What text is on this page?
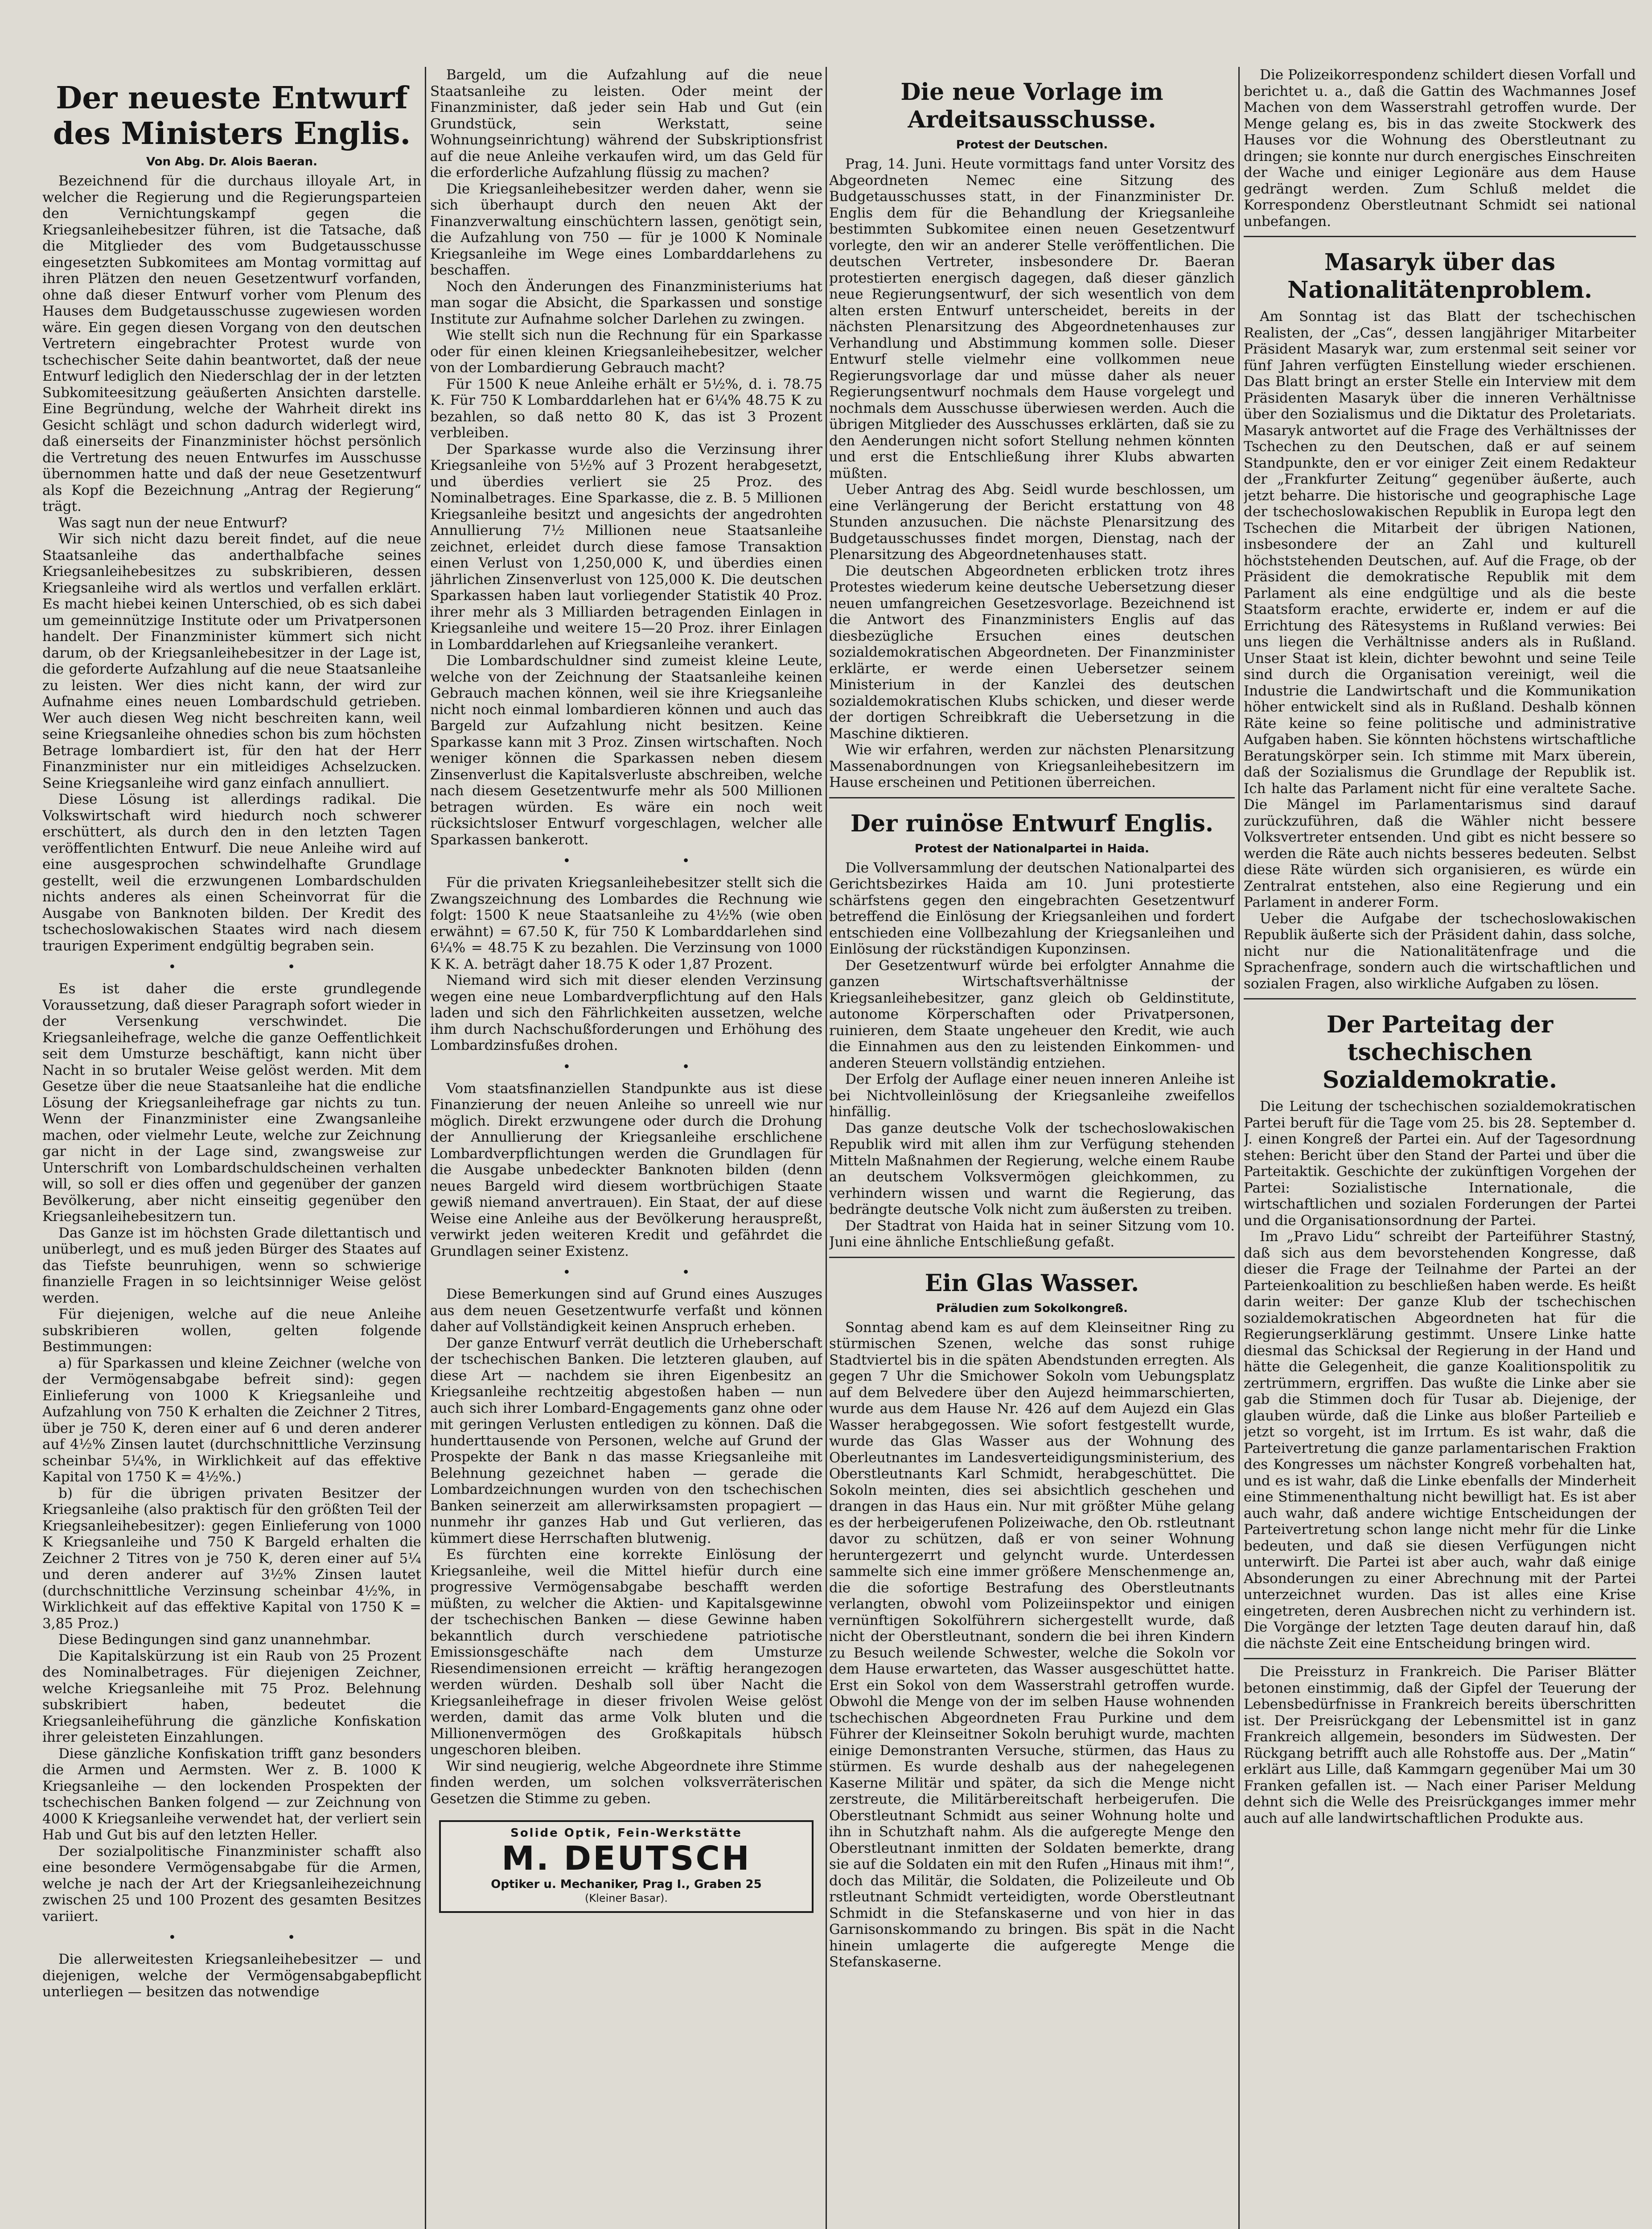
Der neueste Entwurf des Ministers Englis.
Von Abg. Dr. Alois Baeran.

Bezeichnend für die durchaus illoyale Art, in welcher die Regierung und die Regierungsparteien den Vernichtungskampf gegen die Kriegsanleihebesitzer führen, ist die Tatsache, daß die Mitglieder des vom Budgetausschusse eingesetzten Subkomitees am Montag vormittag auf ihren Plätzen den neuen Gesetzentwurf vorfanden, ohne daß dieser Entwurf vorher vom Plenum des Hauses dem Budgetausschusse zugewiesen worden wäre. Ein gegen diesen Vorgang von den deutschen Vertretern eingebrachter Protest wurde von tschechischer Seite dahin beantwortet, daß der neue Entwurf lediglich den Niederschlag der in der letzten Subkomiteesitzung geäußerten Ansichten darstelle. Eine Begründung, welche der Wahrheit direkt ins Gesicht schlägt und schon dadurch widerlegt wird, daß einerseits der Finanzminister höchst persönlich die Vertretung des neuen Entwurfes im Ausschusse übernommen hatte und daß der neue Gesetzentwurf als Kopf die Bezeichnung „Antrag der Regierung“ trägt.

Was sagt nun der neue Entwurf?

Wir sich nicht dazu bereit findet, auf die neue Staatsanleihe das anderthalbfache seines Kriegsanleihebesitzes zu subskribieren, dessen Kriegsanleihe wird als wertlos und verfallen erklärt. Es macht hiebei keinen Unterschied, ob es sich dabei um gemeinnützige Institute oder um Privatpersonen handelt. Der Finanzminister kümmert sich nicht darum, ob der Kriegsanleihebesitzer in der Lage ist, die geforderte Aufzahlung auf die neue Staatsanleihe zu leisten. Wer dies nicht kann, der wird zur Aufnahme eines neuen Lombardschuld getrieben. Wer auch diesen Weg nicht beschreiten kann, weil seine Kriegsanleihe ohnedies schon bis zum höchsten Betrage lombardiert ist, für den hat der Herr Finanzminister nur ein mitleidiges Achselzucken. Seine Kriegsanleihe wird ganz einfach annulliert.

Diese Lösung ist allerdings radikal. Die Volkswirtschaft wird hiedurch noch schwerer erschüttert, als durch den in den letzten Tagen veröffentlichten Entwurf. Die neue Anleihe wird auf eine ausgesprochen schwindelhafte Grundlage gestellt, weil die erzwungenen Lombardschulden nichts anderes als einen Scheinvorrat für die Ausgabe von Banknoten bilden. Der Kredit des tschechoslowakischen Staates wird nach diesem traurigen Experiment endgültig begraben sein.

• •

Es ist daher die erste grundlegende Voraussetzung, daß dieser Paragraph sofort wieder in der Versenkung verschwindet. Die Kriegsanleihefrage, welche die ganze Oeffentlichkeit seit dem Umsturze beschäftigt, kann nicht über Nacht in so brutaler Weise gelöst werden. Mit dem Gesetze über die neue Staatsanleihe hat die endliche Lösung der Kriegsanleihefrage gar nichts zu tun. Wenn der Finanzminister eine Zwangsanleihe machen, oder vielmehr Leute, welche zur Zeichnung gar nicht in der Lage sind, zwangsweise zur Unterschrift von Lombardschuldscheinen verhalten will, so soll er dies offen und gegenüber der ganzen Bevölkerung, aber nicht einseitig gegenüber den Kriegsanleihebesitzern tun.

Das Ganze ist im höchsten Grade dilettantisch und unüberlegt, und es muß jeden Bürger des Staates auf das Tiefste beunruhigen, wenn so schwierige finanzielle Fragen in so leichtsinniger Weise gelöst werden.

Für diejenigen, welche auf die neue Anleihe subskribieren wollen, gelten folgende Bestimmungen:

a) für Sparkassen und kleine Zeichner (welche von der Vermögensabgabe befreit sind): gegen Einlieferung von 1000 K Kriegsanleihe und Aufzahlung von 750 K erhalten die Zeichner 2 Titres, über je 750 K, deren einer auf 6 und deren anderer auf 4½% Zinsen lautet (durchschnittliche Verzinsung scheinbar 5¼%, in Wirklichkeit auf das effektive Kapital von 1750 K = 4½%.)

b) für die übrigen privaten Besitzer der Kriegsanleihe (also praktisch für den größten Teil der Kriegsanleihebesitzer): gegen Einlieferung von 1000 K Kriegsanleihe und 750 K Bargeld erhalten die Zeichner 2 Titres von je 750 K, deren einer auf 5¼ und deren anderer auf 3½% Zinsen lautet (durchschnittliche Verzinsung scheinbar 4½%, in Wirklichkeit auf das effektive Kapital von 1750 K = 3,85 Proz.)

Diese Bedingungen sind ganz unannehmbar.

Die Kapitalskürzung ist ein Raub von 25 Prozent des Nominalbetrages. Für diejenigen Zeichner, welche Kriegsanleihe mit 75 Proz. Belehnung subskribiert haben, bedeutet die Kriegsanleiheführung die gänzliche Konfiskation ihrer geleisteten Einzahlungen.

Diese gänzliche Konfiskation trifft ganz besonders die Armen und Aermsten. Wer z. B. 1000 K Kriegsanleihe — den lockenden Prospekten der tschechischen Banken folgend — zur Zeichnung von 4000 K Kriegsanleihe verwendet hat, der verliert sein Hab und Gut bis auf den letzten Heller.

Der sozialpolitische Finanzminister schafft also eine besondere Vermögensabgabe für die Armen, welche je nach der Art der Kriegsanleihezeichnung zwischen 25 und 100 Prozent des gesamten Besitzes variiert.

• •

Die allerweitesten Kriegsanleihebesitzer — und diejenigen, welche der Vermögensabgabepflicht unterliegen — besitzen das notwendige

Bargeld, um die Aufzahlung auf die neue Staatsanleihe zu leisten. Oder meint der Finanzminister, daß jeder sein Hab und Gut (ein Grundstück, sein Werkstatt, seine Wohnungseinrichtung) während der Subskriptionsfrist auf die neue Anleihe verkaufen wird, um das Geld für die erforderliche Aufzahlung flüssig zu machen?

Die Kriegsanleihebesitzer werden daher, wenn sie sich überhaupt durch den neuen Akt der Finanzverwaltung einschüchtern lassen, genötigt sein, die Aufzahlung von 750 — für je 1000 K Nominale Kriegsanleihe im Wege eines Lombarddarlehens zu beschaffen.

Noch den Änderungen des Finanzministeriums hat man sogar die Absicht, die Sparkassen und sonstige Institute zur Aufnahme solcher Darlehen zu zwingen.

Wie stellt sich nun die Rechnung für ein Sparkasse oder für einen kleinen Kriegsanleihebesitzer, welcher von der Lombardierung Gebrauch macht?

Für 1500 K neue Anleihe erhält er 5½%, d. i. 78.75 K. Für 750 K Lombarddarlehen hat er 6¼% 48.75 K zu bezahlen, so daß netto 80 K, das ist 3 Prozent verbleiben.

Der Sparkasse wurde also die Verzinsung ihrer Kriegsanleihe von 5½% auf 3 Prozent herabgesetzt, und überdies verliert sie 25 Proz. des Nominalbetrages. Eine Sparkasse, die z. B. 5 Millionen Kriegsanleihe besitzt und angesichts der angedrohten Annullierung 7½ Millionen neue Staatsanleihe zeichnet, erleidet durch diese famose Transaktion einen Verlust von 1,250,000 K, und überdies einen jährlichen Zinsenverlust von 125,000 K. Die deutschen Sparkassen haben laut vorliegender Statistik 40 Proz. ihrer mehr als 3 Milliarden betragenden Einlagen in Kriegsanleihe und weitere 15—20 Proz. ihrer Einlagen in Lombarddarlehen auf Kriegsanleihe verankert.

Die Lombardschuldner sind zumeist kleine Leute, welche von der Zeichnung der Staatsanleihe keinen Gebrauch machen können, weil sie ihre Kriegsanleihe nicht noch einmal lombardieren können und auch das Bargeld zur Aufzahlung nicht besitzen. Keine Sparkasse kann mit 3 Proz. Zinsen wirtschaften. Noch weniger können die Sparkassen neben diesem Zinsenverlust die Kapitalsverluste abschreiben, welche nach diesem Gesetzentwurfe mehr als 500 Millionen betragen würden. Es wäre ein noch weit rücksichtsloser Entwurf vorgeschlagen, welcher alle Sparkassen bankerott.

• •

Für die privaten Kriegsanleihebesitzer stellt sich die Zwangszeichnung des Lombardes die Rechnung wie folgt: 1500 K neue Staatsanleihe zu 4½% (wie oben erwähnt) = 67.50 K, für 750 K Lombarddarlehen sind 6¼% = 48.75 K zu bezahlen. Die Verzinsung von 1000 K K. A. beträgt daher 18.75 K oder 1,87 Prozent.

Niemand wird sich mit dieser elenden Verzinsung wegen eine neue Lombardverpflichtung auf den Hals laden und sich den Fährlichkeiten aussetzen, welche ihm durch Nachschußforderungen und Erhöhung des Lombardzinsfußes drohen.

• •

Vom staatsfinanziellen Standpunkte aus ist diese Finanzierung der neuen Anleihe so unreell wie nur möglich. Direkt erzwungene oder durch die Drohung der Annullierung der Kriegsanleihe erschlichene Lombardverpflichtungen werden die Grundlagen für die Ausgabe unbedeckter Banknoten bilden (denn neues Bargeld wird diesem wortbrüchigen Staate gewiß niemand anvertrauen). Ein Staat, der auf diese Weise eine Anleihe aus der Bevölkerung herauspreßt, verwirkt jeden weiteren Kredit und gefährdet die Grundlagen seiner Existenz.

• •

Diese Bemerkungen sind auf Grund eines Auszuges aus dem neuen Gesetzentwurfe verfaßt und können daher auf Vollständigkeit keinen Anspruch erheben.

Der ganze Entwurf verrät deutlich die Urheberschaft der tschechischen Banken. Die letzteren glauben, auf diese Art — nachdem sie ihren Eigenbesitz an Kriegsanleihe rechtzeitig abgestoßen haben — nun auch sich ihrer Lombard-Engagements ganz ohne oder mit geringen Verlusten entledigen zu können. Daß die hunderttausende von Personen, welche auf Grund der Prospekte der Bank n das masse Kriegsanleihe mit Belehnung gezeichnet haben — gerade die Lombardzeichnungen wurden von den tschechischen Banken seinerzeit am allerwirksamsten propagiert — nunmehr ihr ganzes Hab und Gut verlieren, das kümmert diese Herrschaften blutwenig.

Es fürchten eine korrekte Einlösung der Kriegsanleihe, weil die Mittel hiefür durch eine progressive Vermögensabgabe beschafft werden müßten, zu welcher die Aktien- und Kapitalsgewinne der tschechischen Banken — diese Gewinne haben bekanntlich durch verschiedene patriotische Emissionsgeschäfte nach dem Umsturze Riesendimensionen erreicht — kräftig herangezogen werden würden. Deshalb soll über Nacht die Kriegsanleihefrage in dieser frivolen Weise gelöst werden, damit das arme Volk bluten und die Millionenvermögen des Großkapitals hübsch ungeschoren bleiben.

Wir sind neugierig, welche Abgeordnete ihre Stimme finden werden, um solchen volksverräterischen Gesetzen die Stimme zu geben.

Solide Optik, Fein-Werkstätte
M. DEUTSCH
Optiker u. Mechaniker, Prag I., Graben 25
(Kleiner Basar).
Die neue Vorlage im Ardeitsausschusse.
Protest der Deutschen.

Prag, 14. Juni. Heute vormittags fand unter Vorsitz des Abgeordneten Nemec eine Sitzung des Budgetausschusses statt, in der Finanzminister Dr. Englis dem für die Behandlung der Kriegsanleihe bestimmten Subkomitee einen neuen Gesetzentwurf vorlegte, den wir an anderer Stelle veröffentlichen. Die deutschen Vertreter, insbesondere Dr. Baeran protestierten energisch dagegen, daß dieser gänzlich neue Regierungsentwurf, der sich wesentlich von dem alten ersten Entwurf unterscheidet, bereits in der nächsten Plenarsitzung des Abgeordnetenhauses zur Verhandlung und Abstimmung kommen solle. Dieser Entwurf stelle vielmehr eine vollkommen neue Regierungsvorlage dar und müsse daher als neuer Regierungsentwurf nochmals dem Hause vorgelegt und nochmals dem Ausschusse überwiesen werden. Auch die übrigen Mitglieder des Ausschusses erklärten, daß sie zu den Aenderungen nicht sofort Stellung nehmen könnten und erst die Entschließung ihrer Klubs abwarten müßten.

Ueber Antrag des Abg. Seidl wurde beschlossen, um eine Verlängerung der Bericht erstattung von 48 Stunden anzusuchen. Die nächste Plenarsitzung des Budgetausschusses findet morgen, Dienstag, nach der Plenarsitzung des Abgeordnetenhauses statt.

Die deutschen Abgeordneten erblicken trotz ihres Protestes wiederum keine deutsche Uebersetzung dieser neuen umfangreichen Gesetzesvorlage. Bezeichnend ist die Antwort des Finanzministers Englis auf das diesbezügliche Ersuchen eines deutschen sozialdemokratischen Abgeordneten. Der Finanzminister erklärte, er werde einen Uebersetzer seinem Ministerium in der Kanzlei des deutschen sozialdemokratischen Klubs schicken, und dieser werde der dortigen Schreibkraft die Uebersetzung in die Maschine diktieren.

Wie wir erfahren, werden zur nächsten Plenarsitzung Massenabordnungen von Kriegsanleihebesitzern im Hause erscheinen und Petitionen überreichen.

Der ruinöse Entwurf Englis.
Protest der Nationalpartei in Haida.

Die Vollversammlung der deutschen Nationalpartei des Gerichtsbezirkes Haida am 10. Juni protestierte schärfstens gegen den eingebrachten Gesetzentwurf betreffend die Einlösung der Kriegsanleihen und fordert entschieden eine Vollbezahlung der Kriegsanleihen und Einlösung der rückständigen Kuponzinsen.

Der Gesetzentwurf würde bei erfolgter Annahme die ganzen Wirtschaftsverhältnisse der Kriegsanleihebesitzer, ganz gleich ob Geldinstitute, autonome Körperschaften oder Privatpersonen, ruinieren, dem Staate ungeheuer den Kredit, wie auch die Einnahmen aus den zu leistenden Einkommen- und anderen Steuern vollständig entziehen.

Der Erfolg der Auflage einer neuen inneren Anleihe ist bei Nichtvolleinlösung der Kriegsanleihe zweifellos hinfällig.

Das ganze deutsche Volk der tschechoslowakischen Republik wird mit allen ihm zur Verfügung stehenden Mitteln Maßnahmen der Regierung, welche einem Raube an deutschem Volksvermögen gleichkommen, zu verhindern wissen und warnt die Regierung, das bedrängte deutsche Volk nicht zum äußersten zu treiben.

Der Stadtrat von Haida hat in seiner Sitzung vom 10. Juni eine ähnliche Entschließung gefaßt.

Ein Glas Wasser.
Präludien zum Sokolkongreß.

Sonntag abend kam es auf dem Kleinseitner Ring zu stürmischen Szenen, welche das sonst ruhige Stadtviertel bis in die späten Abendstunden erregten. Als gegen 7 Uhr die Smichower Sokoln vom Uebungsplatz auf dem Belvedere über den Aujezd heimmarschierten, wurde aus dem Hause Nr. 426 auf dem Aujezd ein Glas Wasser herabgegossen. Wie sofort festgestellt wurde, wurde das Glas Wasser aus der Wohnung des Oberleutnantes im Landesverteidigungsministerium, des Oberstleutnants Karl Schmidt, herabgeschüttet. Die Sokoln meinten, dies sei absichtlich geschehen und drangen in das Haus ein. Nur mit größter Mühe gelang es der herbeigerufenen Polizeiwache, den Ob. rstleutnant davor zu schützen, daß er von seiner Wohnung heruntergezerrt und gelyncht wurde. Unterdessen sammelte sich eine immer größere Menschenmenge an, die die sofortige Bestrafung des Oberstleutnants verlangten, obwohl vom Polizeiinspektor und einigen vernünftigen Sokolführern sichergestellt wurde, daß nicht der Oberstleutnant, sondern die bei ihren Kindern zu Besuch weilende Schwester, welche die Sokoln vor dem Hause erwarteten, das Wasser ausgeschüttet hatte. Erst ein Sokol von dem Wasserstrahl getroffen wurde. Obwohl die Menge von der im selben Hause wohnenden tschechischen Abgeordneten Frau Purkine und dem Führer der Kleinseitner Sokoln beruhigt wurde, machten einige Demonstranten Versuche, stürmen, das Haus zu stürmen. Es wurde deshalb aus der nahegelegenen Kaserne Militär und später, da sich die Menge nicht zerstreute, die Militärbereitschaft herbeigerufen. Die Oberstleutnant Schmidt aus seiner Wohnung holte und ihn in Schutzhaft nahm. Als die aufgeregte Menge den Oberstleutnant inmitten der Soldaten bemerkte, drang sie auf die Soldaten ein mit den Rufen „Hinaus mit ihm!“, doch das Militär, die Soldaten, die Polizeileute und Ob rstleutnant Schmidt verteidigten, worde Oberstleutnant Schmidt in die Stefanskaserne und von hier in das Garnisonskommando zu bringen. Bis spät in die Nacht hinein umlagerte die aufgeregte Menge die Stefanskaserne.

Die Polizeikorrespondenz schildert diesen Vorfall und berichtet u. a., daß die Gattin des Wachmannes Josef Machen von dem Wasserstrahl getroffen wurde. Der Menge gelang es, bis in das zweite Stockwerk des Hauses vor die Wohnung des Oberstleutnant zu dringen; sie konnte nur durch energisches Einschreiten der Wache und einiger Legionäre aus dem Hause gedrängt werden. Zum Schluß meldet die Korrespondenz Oberstleutnant Schmidt sei national unbefangen.

Masaryk über das Nationalitätenproblem.

Am Sonntag ist das Blatt der tschechischen Realisten, der „Cas“, dessen langjähriger Mitarbeiter Präsident Masaryk war, zum erstenmal seit seiner vor fünf Jahren verfügten Einstellung wieder erschienen. Das Blatt bringt an erster Stelle ein Interview mit dem Präsidenten Masaryk über die inneren Verhältnisse über den Sozialismus und die Diktatur des Proletariats. Masaryk antwortet auf die Frage des Verhältnisses der Tschechen zu den Deutschen, daß er auf seinem Standpunkte, den er vor einiger Zeit einem Redakteur der „Frankfurter Zeitung“ gegenüber äußerte, auch jetzt beharre. Die historische und geographische Lage der tschechoslowakischen Republik in Europa legt den Tschechen die Mitarbeit der übrigen Nationen, insbesondere der an Zahl und kulturell höchststehenden Deutschen, auf. Auf die Frage, ob der Präsident die demokratische Republik mit dem Parlament als eine endgültige und als die beste Staatsform erachte, erwiderte er, indem er auf die Errichtung des Rätesystems in Rußland verwies: Bei uns liegen die Verhältnisse anders als in Rußland. Unser Staat ist klein, dichter bewohnt und seine Teile sind durch die Organisation vereinigt, weil die Industrie die Landwirtschaft und die Kommunikation höher entwickelt sind als in Rußland. Deshalb können Räte keine so feine politische und administrative Aufgaben haben. Sie könnten höchstens wirtschaftliche Beratungskörper sein. Ich stimme mit Marx überein, daß der Sozialismus die Grundlage der Republik ist. Ich halte das Parlament nicht für eine veraltete Sache. Die Mängel im Parlamentarismus sind darauf zurückzuführen, daß die Wähler nicht bessere Volksvertreter entsenden. Und gibt es nicht bessere so werden die Räte auch nichts besseres bedeuten. Selbst diese Räte würden sich organisieren, es würde ein Zentralrat entstehen, also eine Regierung und ein Parlament in anderer Form.

Ueber die Aufgabe der tschechoslowakischen Republik äußerte sich der Präsident dahin, dass solche, nicht nur die Nationalitätenfrage und die Sprachenfrage, sondern auch die wirtschaftlichen und sozialen Fragen, also wirkliche Aufgaben zu lösen.

Der Parteitag der tschechischen Sozialdemokratie.

Die Leitung der tschechischen sozialdemokratischen Partei beruft für die Tage vom 25. bis 28. September d. J. einen Kongreß der Partei ein. Auf der Tagesordnung stehen: Bericht über den Stand der Partei und über die Parteitaktik. Geschichte der zukünftigen Vorgehen der Partei: Sozialistische Internationale, die wirtschaftlichen und sozialen Forderungen der Partei und die Organisationsordnung der Partei.

Im „Pravo Lidu“ schreibt der Parteiführer Stastný, daß sich aus dem bevorstehenden Kongresse, daß dieser die Frage der Teilnahme der Partei an der Parteienkoalition zu beschließen haben werde. Es heißt darin weiter: Der ganze Klub der tschechischen sozialdemokratischen Abgeordneten hat für die Regierungserklärung gestimmt. Unsere Linke hatte diesmal das Schicksal der Regierung in der Hand und hätte die Gelegenheit, die ganze Koalitionspolitik zu zertrümmern, ergriffen. Das wußte die Linke aber sie gab die Stimmen doch für Tusar ab. Diejenige, der glauben würde, daß die Linke aus bloßer Parteilieb e jetzt so vorgeht, ist im Irrtum. Es ist wahr, daß die Parteivertretung die ganze parlamentarischen Fraktion des Kongresses um nächster Kongreß vorbehalten hat, und es ist wahr, daß die Linke ebenfalls der Minderheit eine Stimmenenthaltung nicht bewilligt hat. Es ist aber auch wahr, daß andere wichtige Entscheidungen der Parteivertretung schon lange nicht mehr für die Linke bedeuten, und daß sie diesen Verfügungen nicht unterwirft. Die Partei ist aber auch, wahr daß einige Absonderungen zu einer Abrechnung mit der Partei unterzeichnet wurden. Das ist alles eine Krise eingetreten, deren Ausbrechen nicht zu verhindern ist. Die Vorgänge der letzten Tage deuten darauf hin, daß die nächste Zeit eine Entscheidung bringen wird.

Die Preissturz in Frankreich. Die Pariser Blätter betonen einstimmig, daß der Gipfel der Teuerung der Lebensbedürfnisse in Frankreich bereits überschritten ist. Der Preisrückgang der Lebensmittel ist in ganz Frankreich allgemein, besonders im Südwesten. Der Rückgang betrifft auch alle Rohstoffe aus. Der „Matin“ erklärt aus Lille, daß Kammgarn gegenüber Mai um 30 Franken gefallen ist. — Nach einer Pariser Meldung dehnt sich die Welle des Preisrückganges immer mehr auch auf alle landwirtschaftlichen Produkte aus.
